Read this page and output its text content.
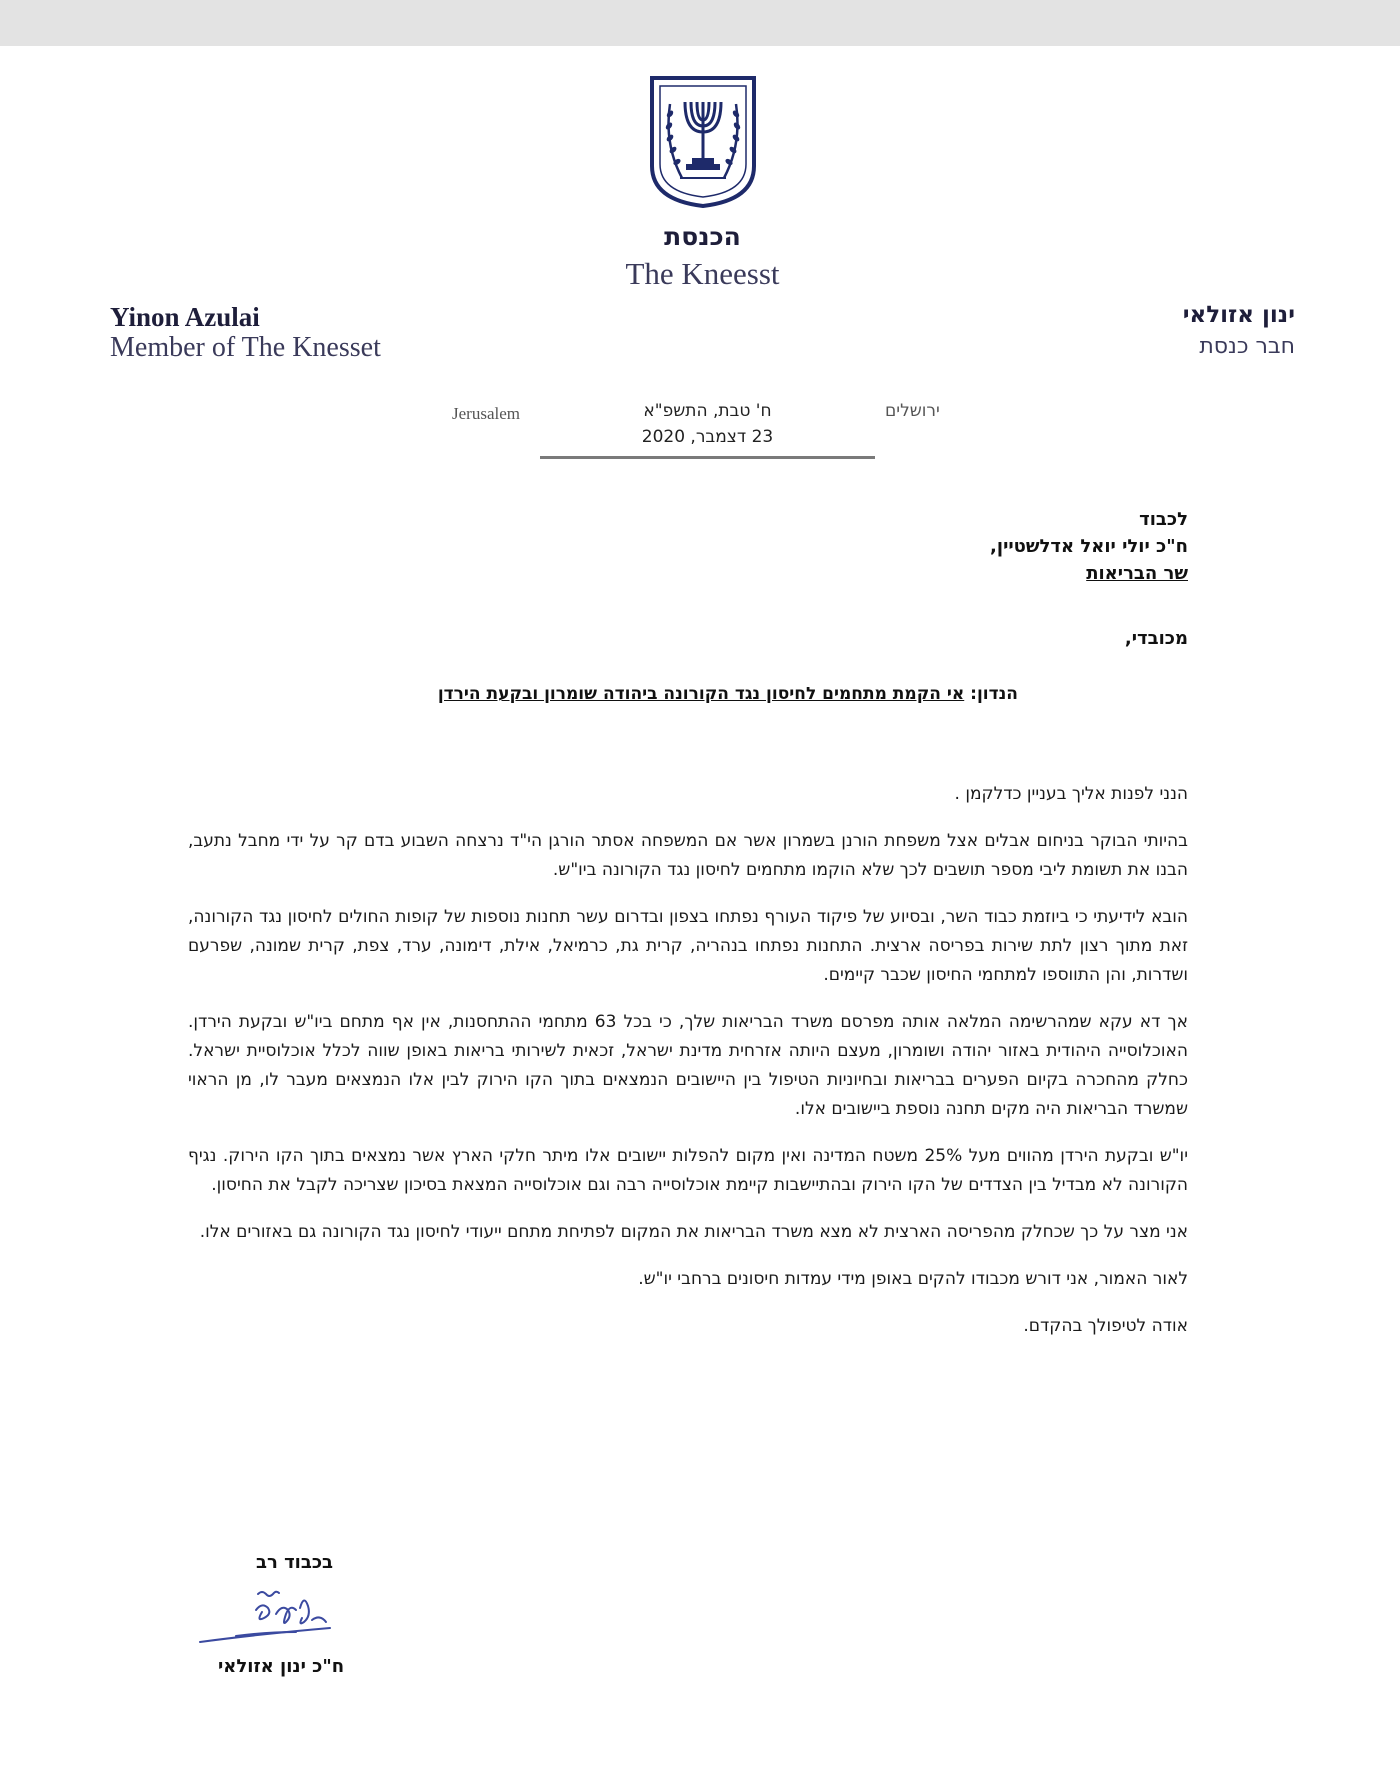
הכנסת
The Kneesst
Yinon Azulai
Member of The Knesset
ינון אזולאי
חבר כנסת
Jerusalem	ח' טבת, התשפ"א
23 דצמבר, 2020
ירושלים
לכבוד
ח"כ יולי יואל אדלשטיין,
שר הבריאות
מכובדי,
הנדון: אי הקמת מתחמים לחיסון נגד הקורונה ביהודה שומרון ובקעת הירדן

הנני לפנות אליך בעניין כדלקמן .

בהיותי הבוקר בניחום אבלים אצל משפחת הורנן בשמרון אשר אם המשפחה אסתר הורגן הי"ד נרצחה השבוע בדם קר על ידי מחבל נתעב, הבנו את תשומת ליבי מספר תושבים לכך שלא הוקמו מתחמים לחיסון נגד הקורונה ביו"ש.

הובא לידיעתי כי ביוזמת כבוד השר, ובסיוע של פיקוד העורף נפתחו בצפון ובדרום עשר תחנות נוספות של קופות החולים לחיסון נגד הקורונה, זאת מתוך רצון לתת שירות בפריסה ארצית. התחנות נפתחו בנהריה, קרית גת, כרמיאל, אילת, דימונה, ערד, צפת, קרית שמונה, שפרעם ושדרות, והן התווספו למתחמי החיסון שכבר קיימים.

אך דא עקא שמהרשימה המלאה אותה מפרסם משרד הבריאות שלך, כי בכל 63 מתחמי ההתחסנות, אין אף מתחם ביו"ש ובקעת הירדן. האוכלוסייה היהודית באזור יהודה ושומרון, מעצם היותה אזרחית מדינת ישראל, זכאית לשירותי בריאות באופן שווה לכלל אוכלוסיית ישראל. כחלק מהחכרה בקיום הפערים בבריאות ובחיוניות הטיפול בין היישובים הנמצאים בתוך הקו הירוק לבין אלו הנמצאים מעבר לו, מן הראוי שמשרד הבריאות היה מקים תחנה נוספת ביישובים אלו.

יו"ש ובקעת הירדן מהווים מעל 25% משטח המדינה ואין מקום להפלות יישובים אלו מיתר חלקי הארץ אשר נמצאים בתוך הקו הירוק. נגיף הקורונה לא מבדיל בין הצדדים של הקו הירוק ובהתיישבות קיימת אוכלוסייה רבה וגם אוכלוסייה המצאת בסיכון שצריכה לקבל את החיסון.

אני מצר על כך שכחלק מהפריסה הארצית לא מצא משרד הבריאות את המקום לפתיחת מתחם ייעודי לחיסון נגד הקורונה גם באזורים אלו.

לאור האמור, אני דורש מכבודו להקים באופן מידי עמדות חיסונים ברחבי יו"ש.

אודה לטיפולך בהקדם.

בכבוד רב
ח"כ ינון אזולאי
